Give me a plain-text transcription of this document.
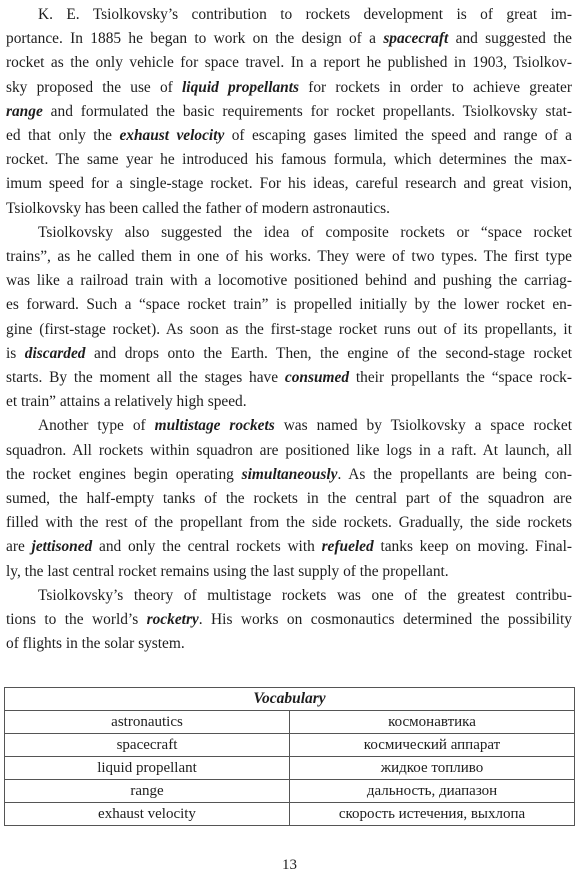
K. E. Tsiolkovsky’s contribution to rockets development is of great im-
portance. In 1885 he began to work on the design of a spacecraft and suggested the
rocket as the only vehicle for space travel. In a report he published in 1903, Tsiolkov-
sky proposed the use of liquid propellants for rockets in order to achieve greater
range and formulated the basic requirements for rocket propellants. Tsiolkovsky stat-
ed that only the exhaust velocity of escaping gases limited the speed and range of a
rocket. The same year he introduced his famous formula, which determines the max-
imum speed for a single-stage rocket. For his ideas, careful research and great vision,
Tsiolkovsky has been called the father of modern astronautics.

Tsiolkovsky also suggested the idea of composite rockets or “space rocket
trains”, as he called them in one of his works. They were of two types. The first type
was like a railroad train with a locomotive positioned behind and pushing the carriag-
es forward. Such a “space rocket train” is propelled initially by the lower rocket en-
gine (first-stage rocket). As soon as the first-stage rocket runs out of its propellants, it
is discarded and drops onto the Earth. Then, the engine of the second-stage rocket
starts. By the moment all the stages have consumed their propellants the “space rock-
et train” attains a relatively high speed.

Another type of multistage rockets was named by Tsiolkovsky a space rocket
squadron. All rockets within squadron are positioned like logs in a raft. At launch, all
the rocket engines begin operating simultaneously. As the propellants are being con-
sumed, the half-empty tanks of the rockets in the central part of the squadron are
filled with the rest of the propellant from the side rockets. Gradually, the side rockets
are jettisoned and only the central rockets with refueled tanks keep on moving. Final-
ly, the last central rocket remains using the last supply of the propellant.

Tsiolkovsky’s theory of multistage rockets was one of the greatest contribu-
tions to the world’s rocketry. His works on cosmonautics determined the possibility
of flights in the solar system.

Vocabulary	
astronautics	космонавтика
spacecraft	космический аппарат
liquid propellant	жидкое топливо
range	дальность, диапазон
exhaust velocity	скорость истечения, выхлопа
13
